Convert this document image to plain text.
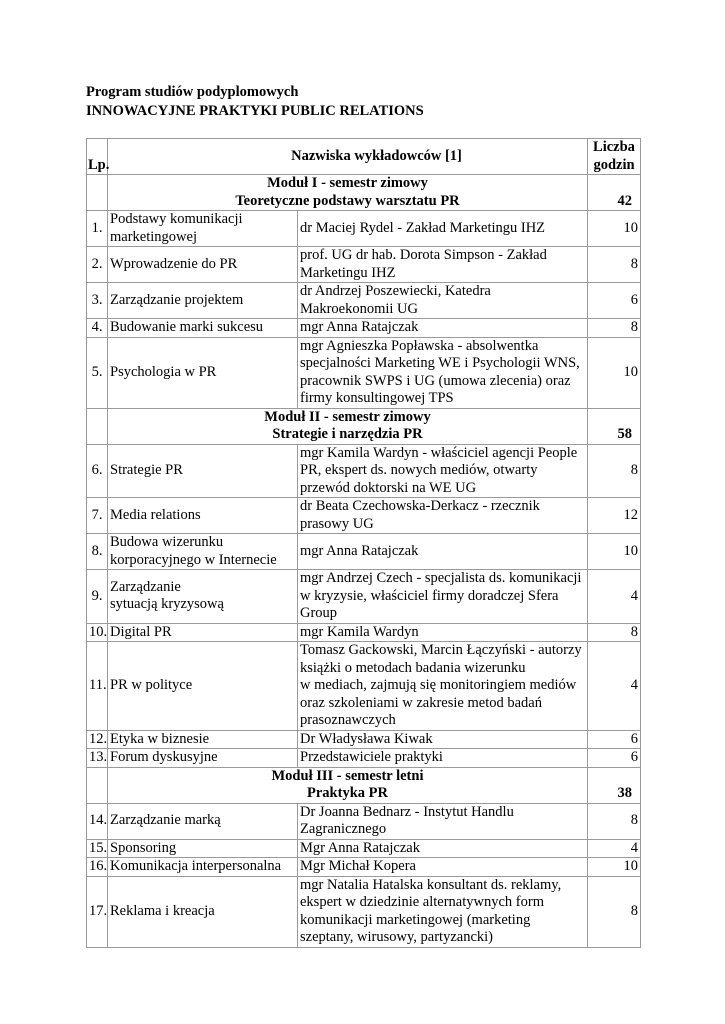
Program studiów podyplomowych
INNOWACYJNE PRAKTYKI PUBLIC RELATIONS
Lp.	Nazwiska wykładowców [1]		Liczba
godzin

	Moduł I - semestr zimowy
Teoretyczne podstawy warsztatu PR		42
1.	Podstawy komunikacji
marketingowej	dr Maciej Rydel - Zakład Marketingu IHZ	10
2.	Wprowadzenie do PR	prof. UG dr hab. Dorota Simpson - Zakład
Marketingu IHZ	8
3.	Zarządzanie projektem	dr Andrzej Poszewiecki, Katedra
Makroekonomii UG	6
4.	Budowanie marki sukcesu	mgr Anna Ratajczak	8
5.	Psychologia w PR	mgr Agnieszka Popławska - absolwentka
specjalności Marketing WE i Psychologii WNS,
pracownik SWPS i UG (umowa zlecenia) oraz
firmy konsultingowej TPS	10

	Moduł II - semestr zimowy
Strategie i narzędzia PR		58
6.	Strategie PR	mgr Kamila Wardyn - właściciel agencji People
PR, ekspert ds. nowych mediów, otwarty
przewód doktorski na WE UG	8
7.	Media relations	dr Beata Czechowska-Derkacz - rzecznik
prasowy UG	12
8.	Budowa wizerunku
korporacyjnego w Internecie	mgr Anna Ratajczak	10
9.	Zarządzanie
sytuacją kryzysową	mgr Andrzej Czech - specjalista ds. komunikacji
w kryzysie, właściciel firmy doradczej Sfera
Group	4
10.	Digital PR	mgr Kamila Wardyn	8
11.	PR w polityce	Tomasz Gackowski, Marcin Łączyński - autorzy
książki o metodach badania wizerunku
w mediach, zajmują się monitoringiem mediów
oraz szkoleniami w zakresie metod badań
prasoznawczych	4
12.	Etyka w biznesie	Dr Władysława Kiwak	6
13.	Forum dyskusyjne	Przedstawiciele praktyki	6

	Moduł III - semestr letni
Praktyka PR		38
14.	Zarządzanie marką	Dr Joanna Bednarz - Instytut Handlu
Zagranicznego	8
15.	Sponsoring	Mgr Anna Ratajczak	4
16.	Komunikacja interpersonalna	Mgr Michał Kopera	10
17.	Reklama i kreacja	mgr Natalia Hatalska konsultant ds. reklamy,
ekspert w dziedzinie alternatywnych form
komunikacji marketingowej (marketing
szeptany, wirusowy, partyzancki)	8
